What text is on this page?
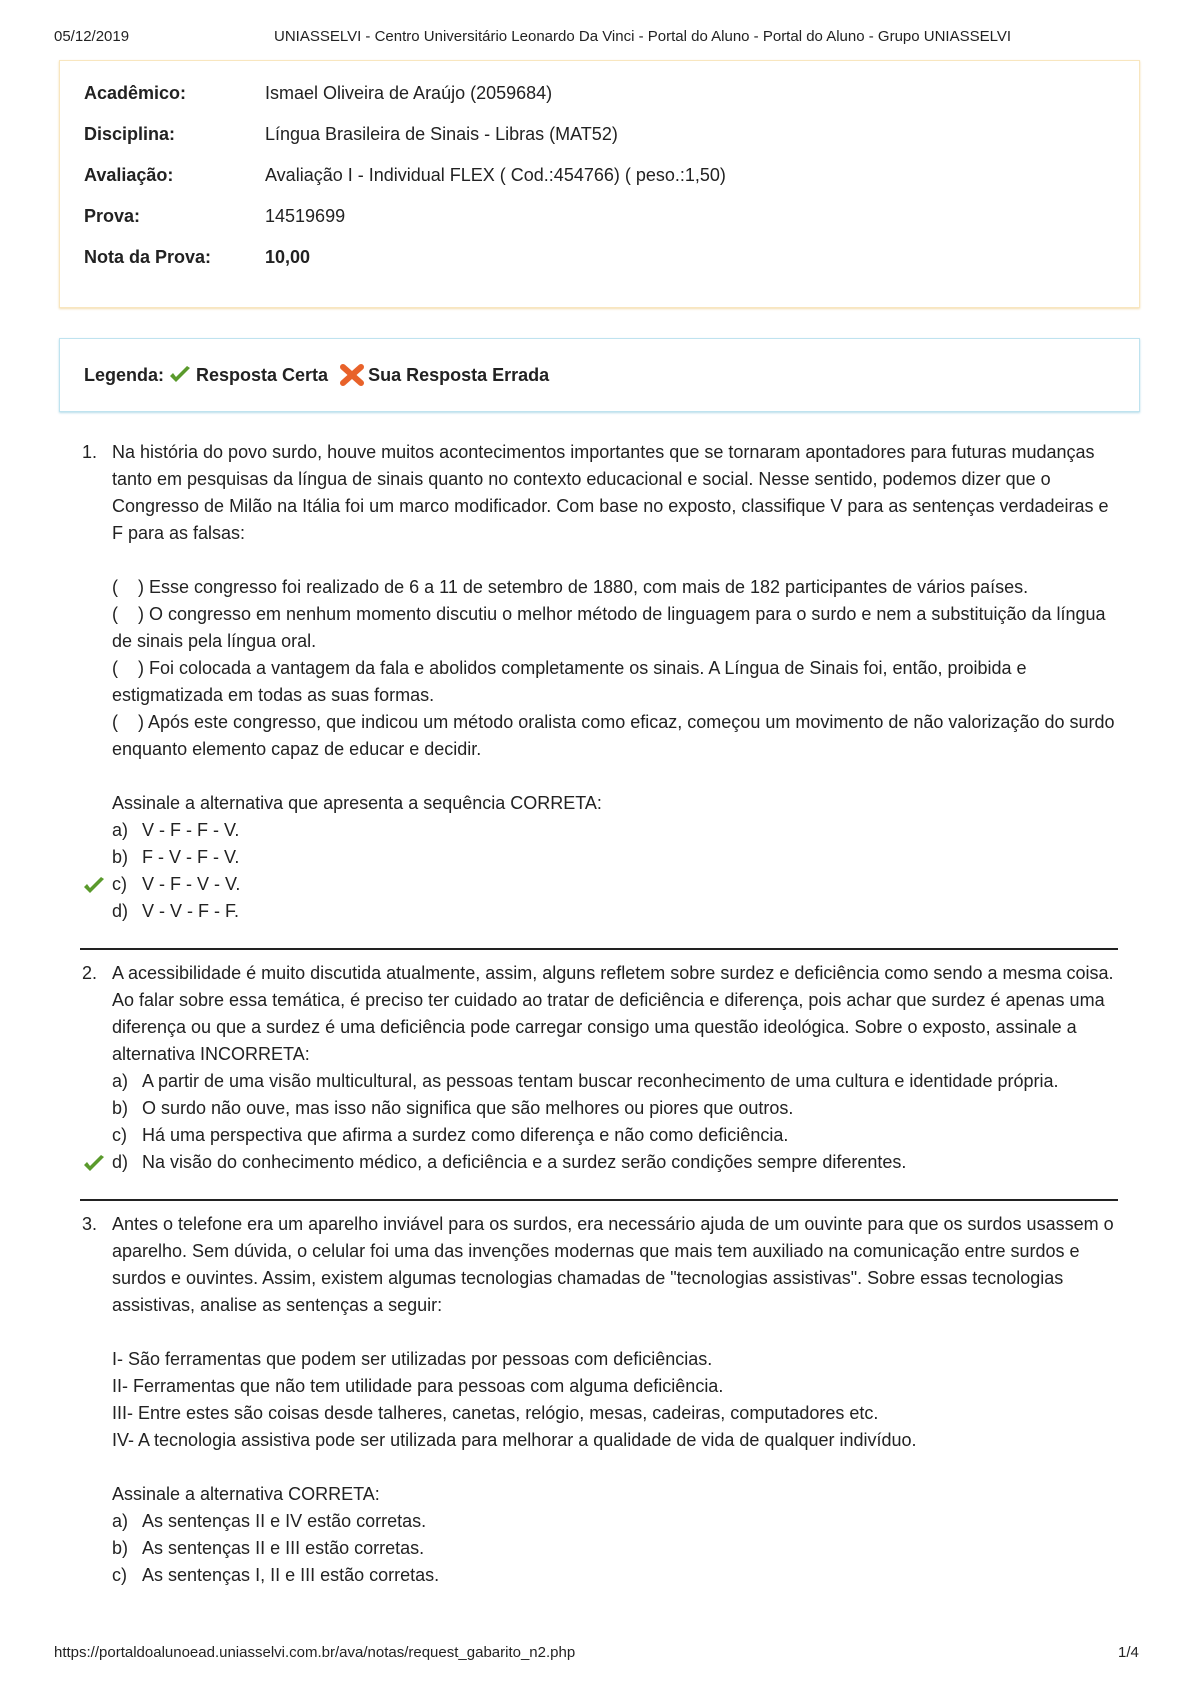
05/12/2019	UNIASSELVI - Centro Universitário Leonardo Da Vinci - Portal do Aluno - Portal do Aluno - Grupo UNIASSELVI
Acadêmico:	Ismael Oliveira de Araújo (2059684)
Disciplina:	Língua Brasileira de Sinais - Libras (MAT52)
Avaliação:	Avaliação I - Individual FLEX ( Cod.:454766) ( peso.:1,50)
Prova:	14519699
Nota da Prova:	10,00
Legenda: Resposta Certa Sua Resposta Errada
1. Na história do povo surdo, houve muitos acontecimentos importantes que se tornaram apontadores para futuras mudanças tanto em pesquisas da língua de sinais quanto no contexto educacional e social. Nesse sentido, podemos dizer que o Congresso de Milão na Itália foi um marco modificador. Com base no exposto, classifique V para as sentenças verdadeiras e F para as falsas:
(    ) Esse congresso foi realizado de 6 a 11 de setembro de 1880, com mais de 182 participantes de vários países.
(    ) O congresso em nenhum momento discutiu o melhor método de linguagem para o surdo e nem a substituição da língua de sinais pela língua oral.
(    ) Foi colocada a vantagem da fala e abolidos completamente os sinais. A Língua de Sinais foi, então, proibida e estigmatizada em todas as suas formas.
(    ) Após este congresso, que indicou um método oralista como eficaz, começou um movimento de não valorização do surdo enquanto elemento capaz de educar e decidir.
Assinale a alternativa que apresenta a sequência CORRETA:
a) V - F - F - V.
b) F - V - F - V.
c) V - F - V - V.
d) V - V - F - F.
2. A acessibilidade é muito discutida atualmente, assim, alguns refletem sobre surdez e deficiência como sendo a mesma coisa. Ao falar sobre essa temática, é preciso ter cuidado ao tratar de deficiência e diferença, pois achar que surdez é apenas uma diferença ou que a surdez é uma deficiência pode carregar consigo uma questão ideológica. Sobre o exposto, assinale a alternativa INCORRETA:
a) A partir de uma visão multicultural, as pessoas tentam buscar reconhecimento de uma cultura e identidade própria.
b) O surdo não ouve, mas isso não significa que são melhores ou piores que outros.
c) Há uma perspectiva que afirma a surdez como diferença e não como deficiência.
d) Na visão do conhecimento médico, a deficiência e a surdez serão condições sempre diferentes.
3. Antes o telefone era um aparelho inviável para os surdos, era necessário ajuda de um ouvinte para que os surdos usassem o aparelho. Sem dúvida, o celular foi uma das invenções modernas que mais tem auxiliado na comunicação entre surdos e surdos e ouvintes. Assim, existem algumas tecnologias chamadas de "tecnologias assistivas". Sobre essas tecnologias assistivas, analise as sentenças a seguir:
I- São ferramentas que podem ser utilizadas por pessoas com deficiências.
II- Ferramentas que não tem utilidade para pessoas com alguma deficiência.
III- Entre estes são coisas desde talheres, canetas, relógio, mesas, cadeiras, computadores etc.
IV- A tecnologia assistiva pode ser utilizada para melhorar a qualidade de vida de qualquer indivíduo.
Assinale a alternativa CORRETA:
a) As sentenças II e IV estão corretas.
b) As sentenças II e III estão corretas.
c) As sentenças I, II e III estão corretas.
https://portaldoalunoead.uniasselvi.com.br/ava/notas/request_gabarito_n2.php	1/4
